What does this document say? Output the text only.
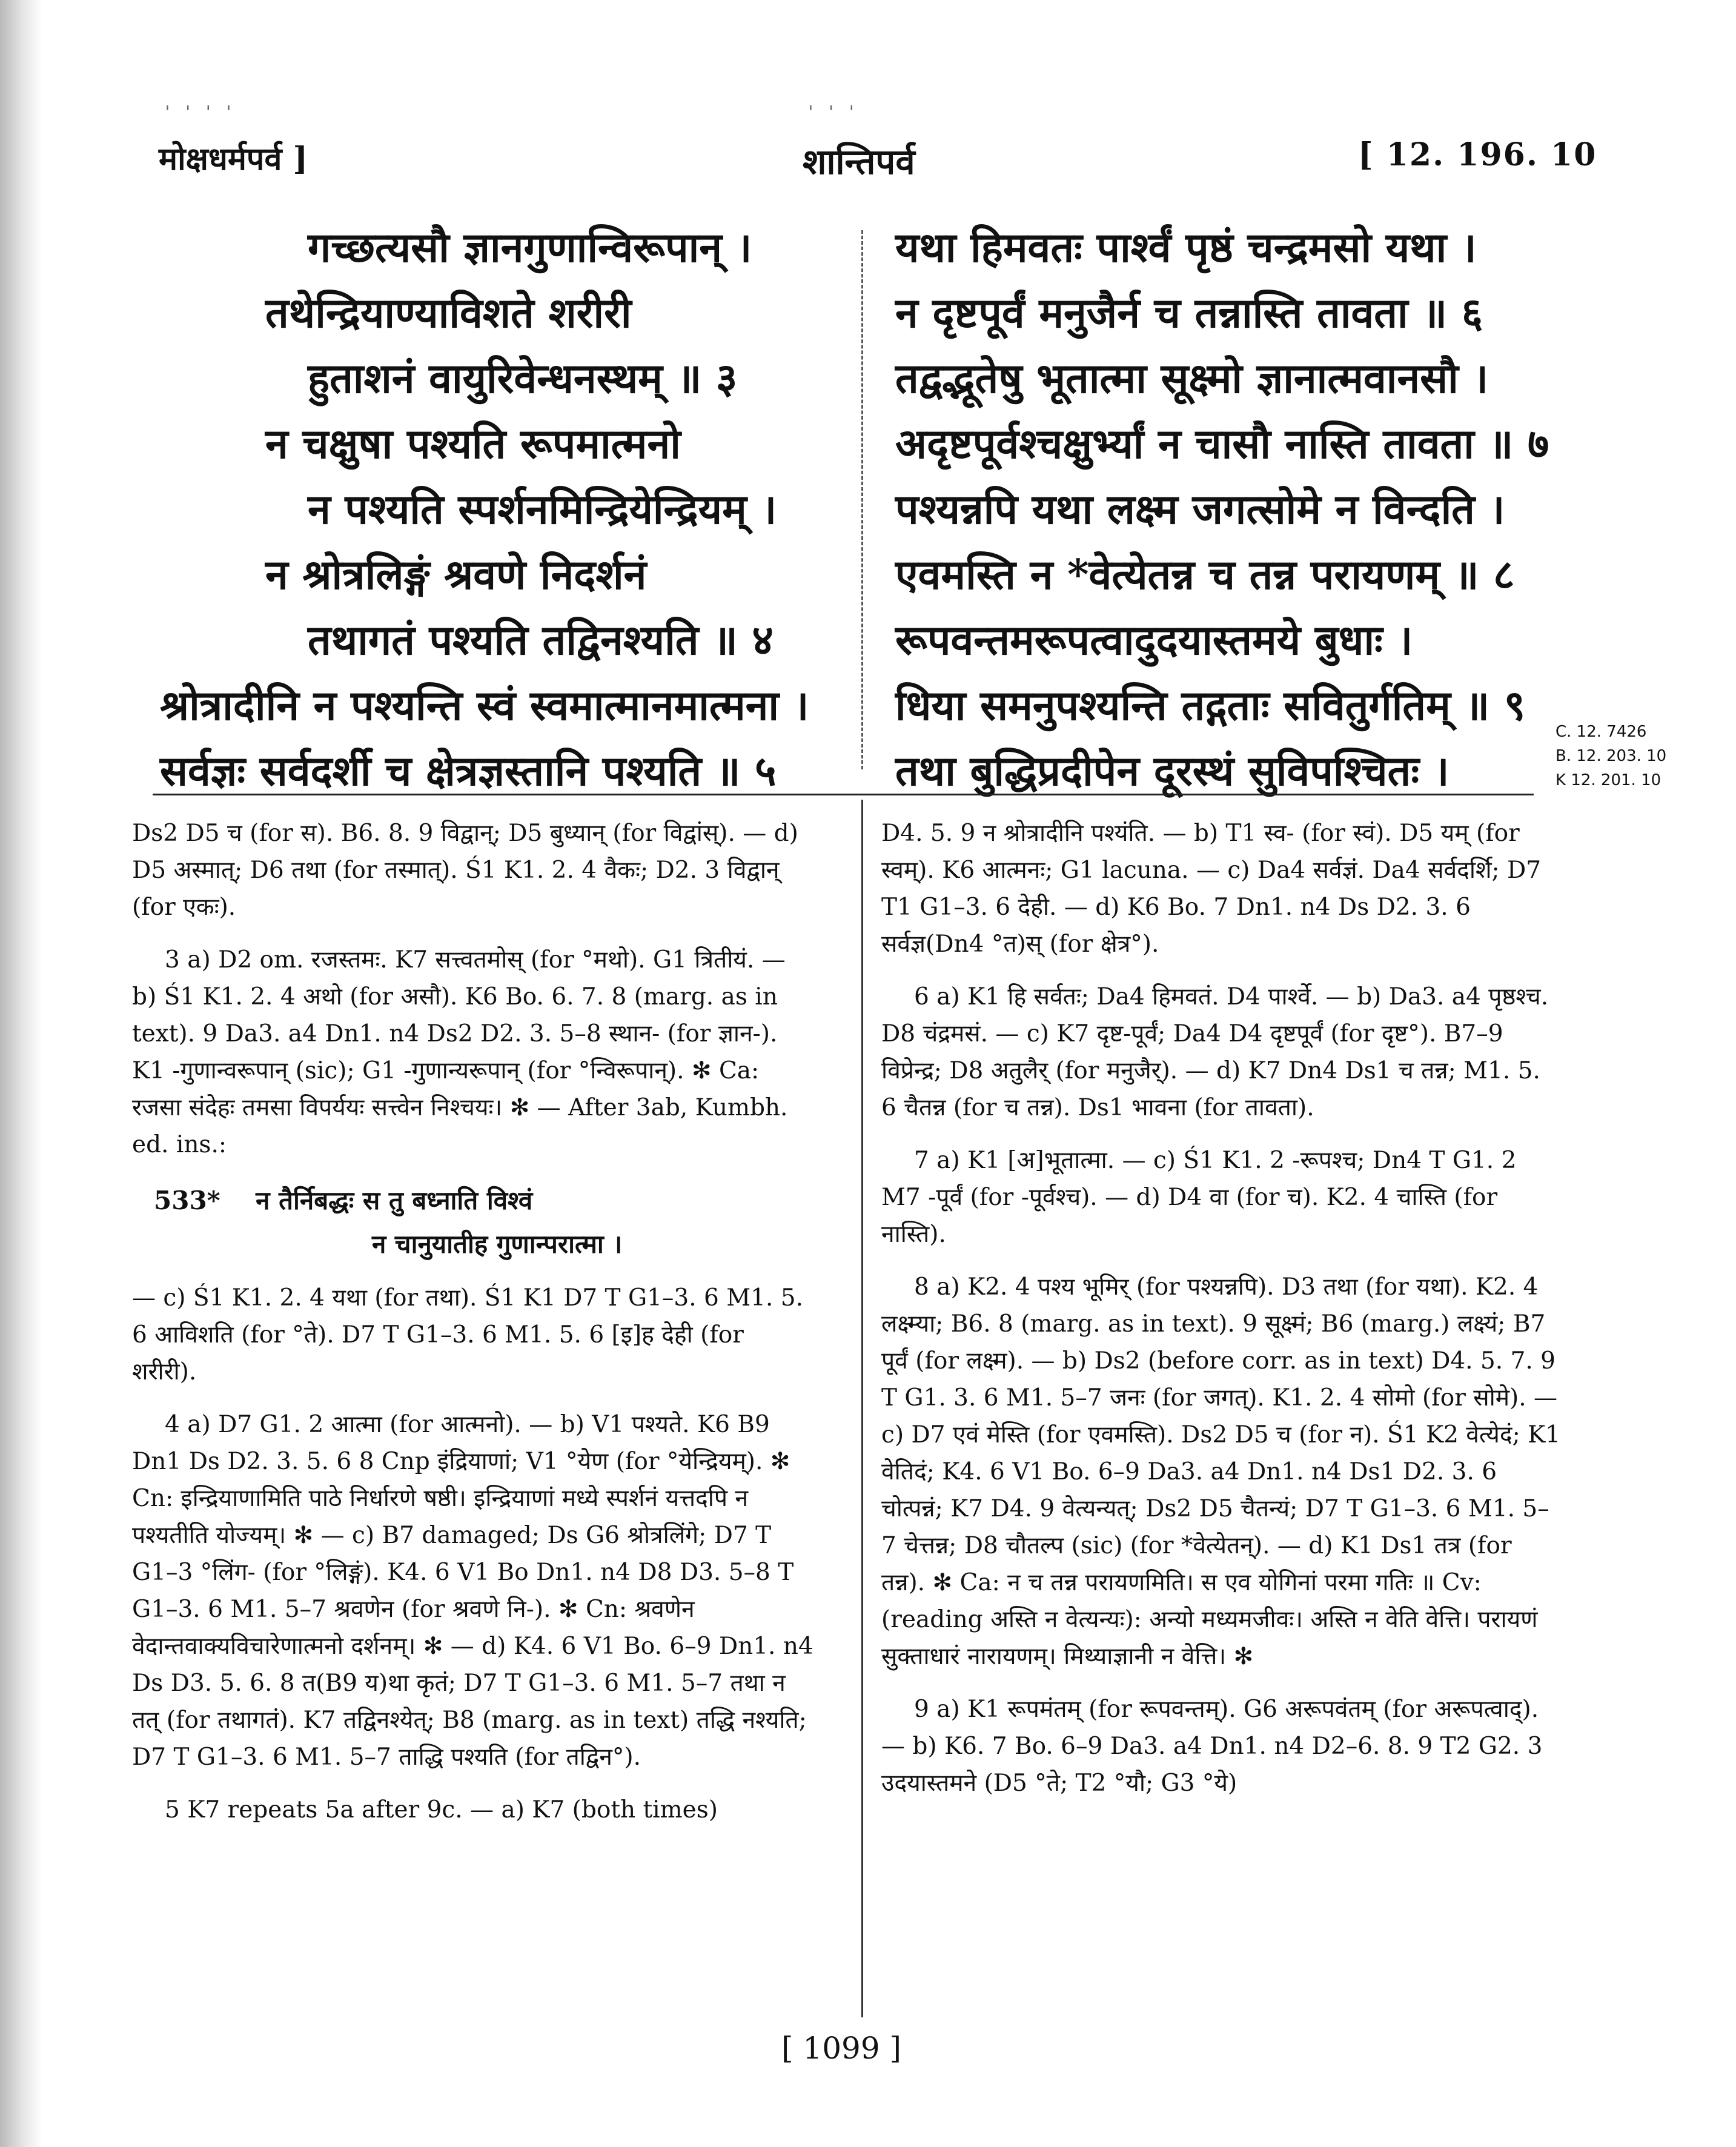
मोक्षधर्मपर्व ]	शान्तिपर्व	[ 12. 196. 10
' ' ' '	' ' '
गच्छत्यसौ ज्ञानगुणान्विरूपान् ।
तथेन्द्रियाण्याविशते शरीरी
हुताशनं वायुरिवेन्धनस्थम् ॥ ३
न चक्षुषा पश्यति रूपमात्मनो
न पश्यति स्पर्शनमिन्द्रियेन्द्रियम् ।
न श्रोत्रलिङ्गं श्रवणे निदर्शनं
तथागतं पश्यति तद्विनश्यति ॥ ४
श्रोत्रादीनि न पश्यन्ति स्वं स्वमात्मानमात्मना ।
सर्वज्ञः सर्वदर्शी च क्षेत्रज्ञस्तानि पश्यति ॥ ५
यथा हिमवतः पार्श्वं पृष्ठं चन्द्रमसो यथा ।
न दृष्टपूर्वं मनुजैर्न च तन्नास्ति तावता ॥ ६
तद्वद्भूतेषु भूतात्मा सूक्ष्मो ज्ञानात्मवानसौ ।
अदृष्टपूर्वश्चक्षुर्भ्यां न चासौ नास्ति तावता ॥ ७
पश्यन्नपि यथा लक्ष्म जगत्सोमे न विन्दति ।
एवमस्ति न *वेत्येतन्न च तन्न परायणम् ॥ ८
रूपवन्तमरूपत्वादुदयास्तमये बुधाः ।
धिया समनुपश्यन्ति तद्गताः सवितुर्गतिम् ॥ ९
तथा बुद्धिप्रदीपेन दूरस्थं सुविपश्चितः ।
C. 12. 7426
B. 12. 203. 10
K 12. 201. 10

Ds2 D5 च (for स). B6. 8. 9 विद्वान्; D5 बुध्यान् (for विद्वांस्). — d) D5 अस्मात्; D6 तथा (for तस्मात्). Ś1 K1. 2. 4 वैकः; D2. 3 विद्वान् (for एकः).

3 a) D2 om. रजस्तमः. K7 सत्त्वतमोस् (for °मथो). G1 त्रितीयं. — b) Ś1 K1. 2. 4 अथो (for असौ). K6 Bo. 6. 7. 8 (marg. as in text). 9 Da3. a4 Dn1. n4 Ds2 D2. 3. 5–8 स्थान- (for ज्ञान-). K1 -गुणान्वरूपान् (sic); G1 -गुणान्यरूपान् (for °न्विरूपान्). ✻ Ca: रजसा संदेहः तमसा विपर्ययः सत्त्वेन निश्चयः। ✻ — After 3ab, Kumbh. ed. ins.:

533* न तैर्निबद्धः स तु बध्नाति विश्वं
न चानुयातीह गुणान्परात्मा ।

— c) Ś1 K1. 2. 4 यथा (for तथा). Ś1 K1 D7 T G1–3. 6 M1. 5. 6 आविशति (for °ते). D7 T G1–3. 6 M1. 5. 6 [इ]ह देही (for शरीरी).

4 a) D7 G1. 2 आत्मा (for आत्मनो). — b) V1 पश्यते. K6 B9 Dn1 Ds D2. 3. 5. 6 8 Cnp इंद्रियाणां; V1 °येण (for °येन्द्रियम्). ✻ Cn: इन्द्रियाणामिति पाठे निर्धारणे षष्ठी। इन्द्रियाणां मध्ये स्पर्शनं यत्तदपि न पश्यतीति योज्यम्। ✻ — c) B7 damaged; Ds G6 श्रोत्रलिंगे; D7 T G1–3 °लिंग- (for °लिङ्गं). K4. 6 V1 Bo Dn1. n4 D8 D3. 5–8 T G1–3. 6 M1. 5–7 श्रवणेन (for श्रवणे नि-). ✻ Cn: श्रवणेन वेदान्तवाक्यविचारेणात्मनो दर्शनम्। ✻ — d) K4. 6 V1 Bo. 6–9 Dn1. n4 Ds D3. 5. 6. 8 त(B9 य)था कृतं; D7 T G1–3. 6 M1. 5–7 तथा न तत् (for तथागतं). K7 तद्विनश्येत्; B8 (marg. as in text) तद्धि नश्यति; D7 T G1–3. 6 M1. 5–7 ताद्धि पश्यति (for तद्विन°).

5 K7 repeats 5a after 9c. — a) K7 (both times)

D4. 5. 9 न श्रोत्रादीनि पश्यंति. — b) T1 स्व- (for स्वं). D5 यम् (for स्वम्). K6 आत्मनः; G1 lacuna. — c) Da4 सर्वज्ञं. Da4 सर्वदर्शि; D7 T1 G1–3. 6 देही. — d) K6 Bo. 7 Dn1. n4 Ds D2. 3. 6 सर्वज्ञ(Dn4 °त)स् (for क्षेत्र°).

6 a) K1 हि सर्वतः; Da4 हिमवतं. D4 पार्श्वे. — b) Da3. a4 पृष्ठश्च. D8 चंद्रमसं. — c) K7 दृष्ट-पूर्वं; Da4 D4 दृष्टपूर्वं (for दृष्ट°). B7–9 विप्रेन्द्र; D8 अतुलैर् (for मनुजैर्). — d) K7 Dn4 Ds1 च तन्न; M1. 5. 6 चैतन्न (for च तन्न). Ds1 भावना (for तावता).

7 a) K1 [अ]भूतात्मा. — c) Ś1 K1. 2 -रूपश्च; Dn4 T G1. 2 M7 -पूर्वं (for -पूर्वश्च). — d) D4 वा (for च). K2. 4 चास्ति (for नास्ति).

8 a) K2. 4 पश्य भूमिर् (for पश्यन्नपि). D3 तथा (for यथा). K2. 4 लक्ष्म्या; B6. 8 (marg. as in text). 9 सूक्ष्मं; B6 (marg.) लक्ष्यं; B7 पूर्वं (for लक्ष्म). — b) Ds2 (before corr. as in text) D4. 5. 7. 9 T G1. 3. 6 M1. 5–7 जनः (for जगत्). K1. 2. 4 सोमो (for सोमे). — c) D7 एवं मेस्ति (for एवमस्ति). Ds2 D5 च (for न). Ś1 K2 वेत्येदं; K1 वेतिदं; K4. 6 V1 Bo. 6–9 Da3. a4 Dn1. n4 Ds1 D2. 3. 6 चोत्पन्नं; K7 D4. 9 वेत्यन्यत्; Ds2 D5 चैतन्यं; D7 T G1–3. 6 M1. 5–7 चेत्तन्न; D8 चौतल्प (sic) (for *वेत्येतन्). — d) K1 Ds1 तत्र (for तन्न). ✻ Ca: न च तन्न परायणमिति। स एव योगिनां परमा गतिः ॥ Cv: (reading अस्ति न वेत्यन्यः): अन्यो मध्यमजीवः। अस्ति न वेति वेत्ति। परायणं सुक्ताधारं नारायणम्। मिथ्याज्ञानी न वेत्ति। ✻

9 a) K1 रूपमंतम् (for रूपवन्तम्). G6 अरूपवंतम् (for अरूपत्वाद्). — b) K6. 7 Bo. 6–9 Da3. a4 Dn1. n4 D2–6. 8. 9 T2 G2. 3 उदयास्तमने (D5 °ते; T2 °यौ; G3 °ये)

[ 1099 ]
